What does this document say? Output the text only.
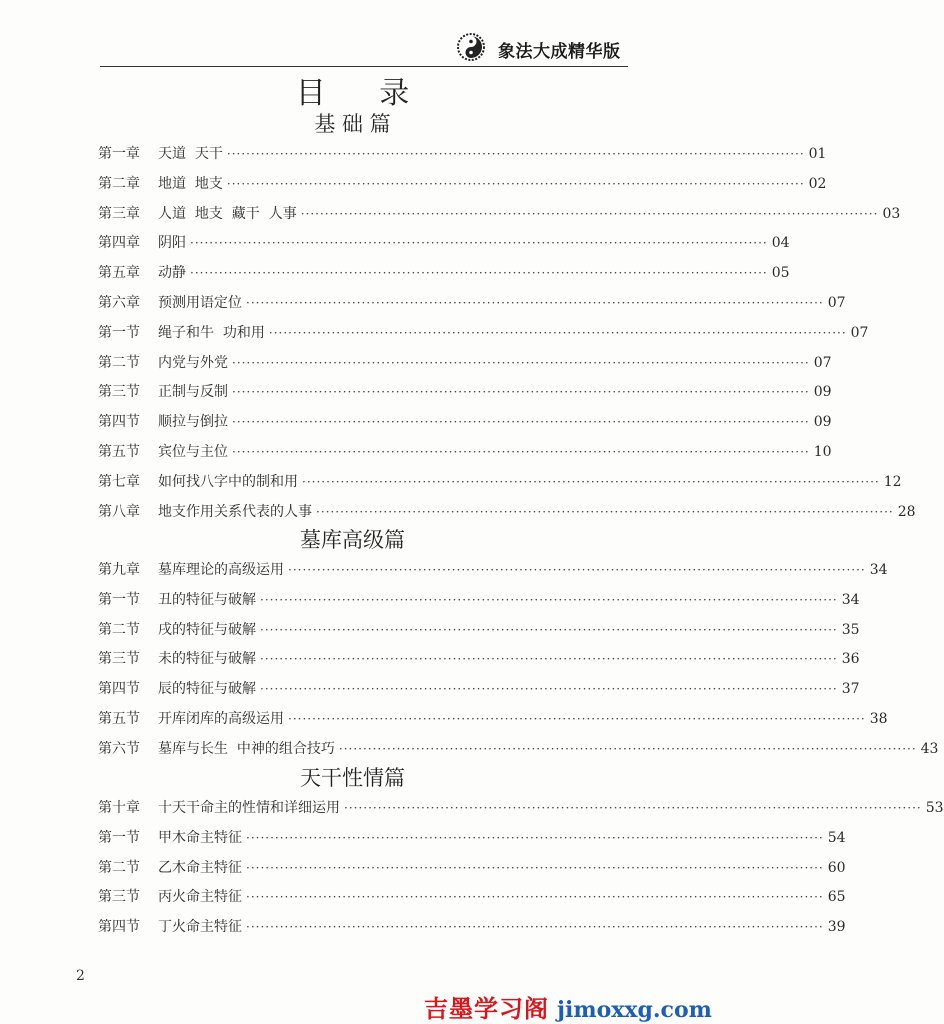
象法大成精华版
目 录
基 础 篇
第一章	天道  天干 ························································································································ 01
第二章	地道  地支 ························································································································ 02
第三章	人道  地支  藏干  人事 ························································································································ 03
第四章	阴阳 ························································································································ 04
第五章	动静 ························································································································ 05
第六章	预测用语定位 ························································································································ 07
第一节	绳子和牛  功和用 ························································································································ 07
第二节	内党与外党 ························································································································ 07
第三节	正制与反制 ························································································································ 09
第四节	顺拉与倒拉 ························································································································ 09
第五节	宾位与主位 ························································································································ 10
第七章	如何找八字中的制和用 ························································································································ 12
第八章	地支作用关系代表的人事 ························································································································ 28
墓库高级篇
第九章	墓库理论的高级运用 ························································································································ 34
第一节	丑的特征与破解 ························································································································ 34
第二节	戌的特征与破解 ························································································································ 35
第三节	未的特征与破解 ························································································································ 36
第四节	辰的特征与破解 ························································································································ 37
第五节	开库闭库的高级运用 ························································································································ 38
第六节	墓库与长生  中神的组合技巧 ························································································································ 43
天干性情篇
第十章	十天干命主的性情和详细运用 ························································································································ 53
第一节	甲木命主特征 ························································································································ 54
第二节	乙木命主特征 ························································································································ 60
第三节	丙火命主特征 ························································································································ 65
第四节	丁火命主特征 ························································································································ 39
2
吉墨学习阁 jimoxxg.com
